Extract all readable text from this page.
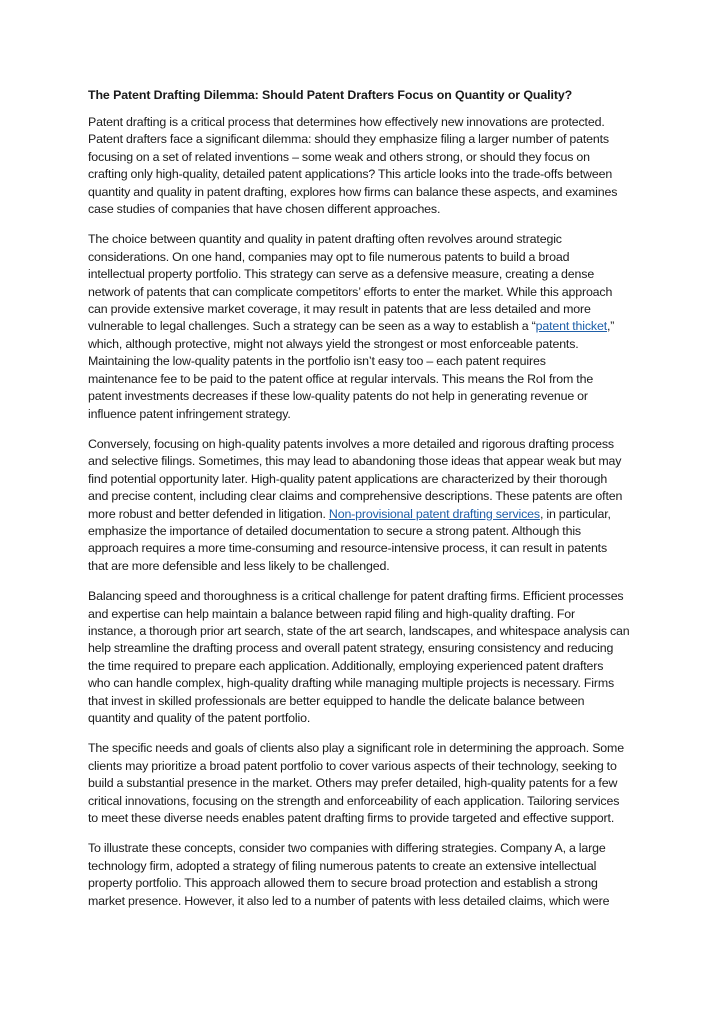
The Patent Drafting Dilemma: Should Patent Drafters Focus on Quantity or Quality?
Patent drafting is a critical process that determines how effectively new innovations are protected.
Patent drafters face a significant dilemma: should they emphasize filing a larger number of patents
focusing on a set of related inventions – some weak and others strong, or should they focus on
crafting only high-quality, detailed patent applications? This article looks into the trade-offs between
quantity and quality in patent drafting, explores how firms can balance these aspects, and examines
case studies of companies that have chosen different approaches.
The choice between quantity and quality in patent drafting often revolves around strategic
considerations. On one hand, companies may opt to file numerous patents to build a broad
intellectual property portfolio. This strategy can serve as a defensive measure, creating a dense
network of patents that can complicate competitors’ efforts to enter the market. While this approach
can provide extensive market coverage, it may result in patents that are less detailed and more
vulnerable to legal challenges. Such a strategy can be seen as a way to establish a “patent thicket,”
which, although protective, might not always yield the strongest or most enforceable patents.
Maintaining the low-quality patents in the portfolio isn’t easy too – each patent requires
maintenance fee to be paid to the patent office at regular intervals. This means the RoI from the
patent investments decreases if these low-quality patents do not help in generating revenue or
influence patent infringement strategy.
Conversely, focusing on high-quality patents involves a more detailed and rigorous drafting process
and selective filings. Sometimes, this may lead to abandoning those ideas that appear weak but may
find potential opportunity later. High-quality patent applications are characterized by their thorough
and precise content, including clear claims and comprehensive descriptions. These patents are often
more robust and better defended in litigation. Non-provisional patent drafting services, in particular,
emphasize the importance of detailed documentation to secure a strong patent. Although this
approach requires a more time-consuming and resource-intensive process, it can result in patents
that are more defensible and less likely to be challenged.
Balancing speed and thoroughness is a critical challenge for patent drafting firms. Efficient processes
and expertise can help maintain a balance between rapid filing and high-quality drafting. For
instance, a thorough prior art search, state of the art search, landscapes, and whitespace analysis can
help streamline the drafting process and overall patent strategy, ensuring consistency and reducing
the time required to prepare each application. Additionally, employing experienced patent drafters
who can handle complex, high-quality drafting while managing multiple projects is necessary. Firms
that invest in skilled professionals are better equipped to handle the delicate balance between
quantity and quality of the patent portfolio.
The specific needs and goals of clients also play a significant role in determining the approach. Some
clients may prioritize a broad patent portfolio to cover various aspects of their technology, seeking to
build a substantial presence in the market. Others may prefer detailed, high-quality patents for a few
critical innovations, focusing on the strength and enforceability of each application. Tailoring services
to meet these diverse needs enables patent drafting firms to provide targeted and effective support.
To illustrate these concepts, consider two companies with differing strategies. Company A, a large
technology firm, adopted a strategy of filing numerous patents to create an extensive intellectual
property portfolio. This approach allowed them to secure broad protection and establish a strong
market presence. However, it also led to a number of patents with less detailed claims, which were
